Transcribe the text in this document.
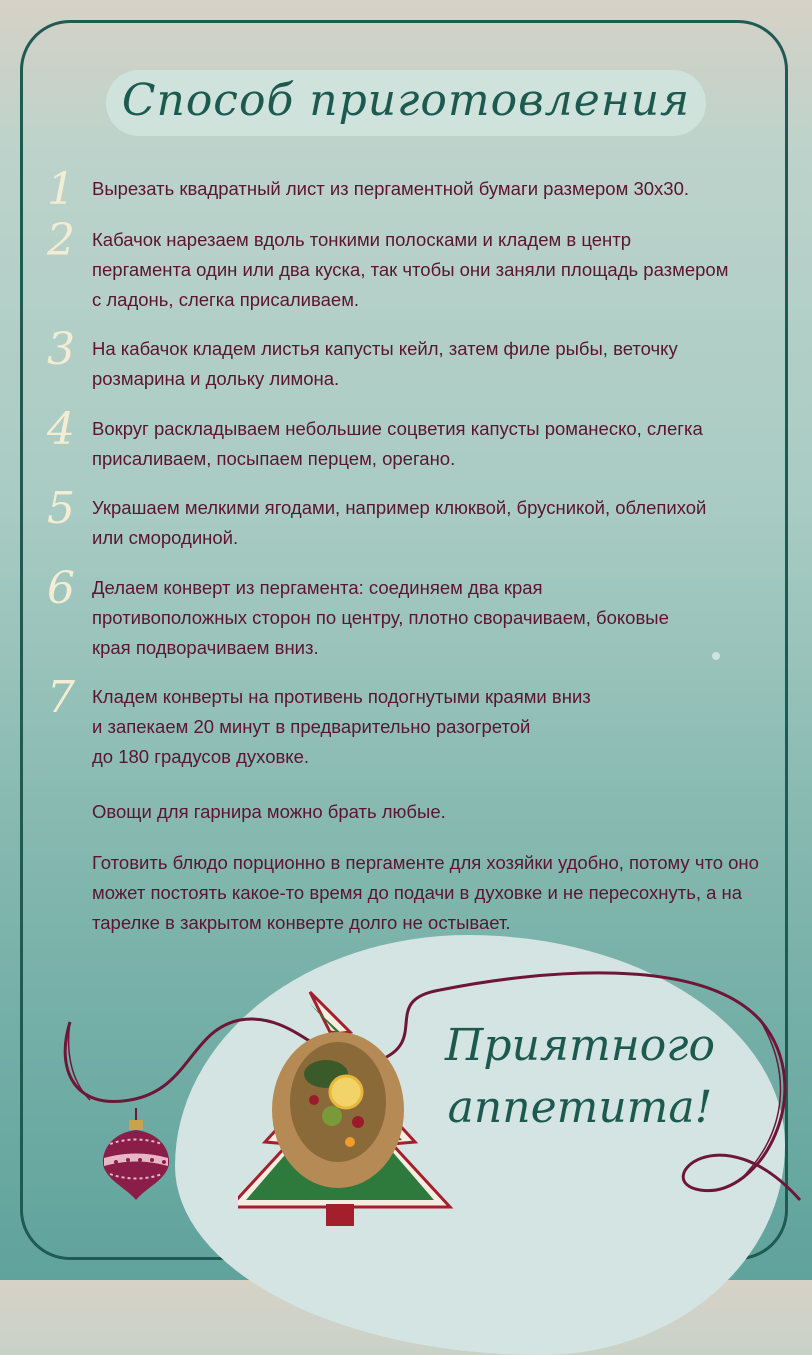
Способ приготовления
1 Вырезать квадратный лист из пергаментной бумаги размером 30х30.
2 Кабачок нарезаем вдоль тонкими полосками и кладем в центр пергамента один или два куска, так чтобы они заняли площадь размером с ладонь, слегка присаливаем.
3 На кабачок кладем листья капусты кейл, затем филе рыбы, веточку розмарина и дольку лимона.
4 Вокруг раскладываем небольшие соцветия капусты романеско, слегка присаливаем, посыпаем перцем, орегано.
5 Украшаем мелкими ягодами, например клюквой, брусникой, облепихой или смородиной.
6 Делаем конверт из пергамента: соединяем два края противоположных сторон по центру, плотно сворачиваем, боковые края подворачиваем вниз.
7 Кладем конверты на противень подогнутыми краями вниз
и запекаем 20 минут в предварительно разогретой
до 180 градусов духовке.
Овощи для гарнира можно брать любые.
Готовить блюдо порционно в пергаменте для хозяйки удобно, потому что оно может постоять какое-то время до подачи в духовке и не пересохнуть, а на тарелке в закрытом конверте долго не остывает.
Приятного
аппетита!
